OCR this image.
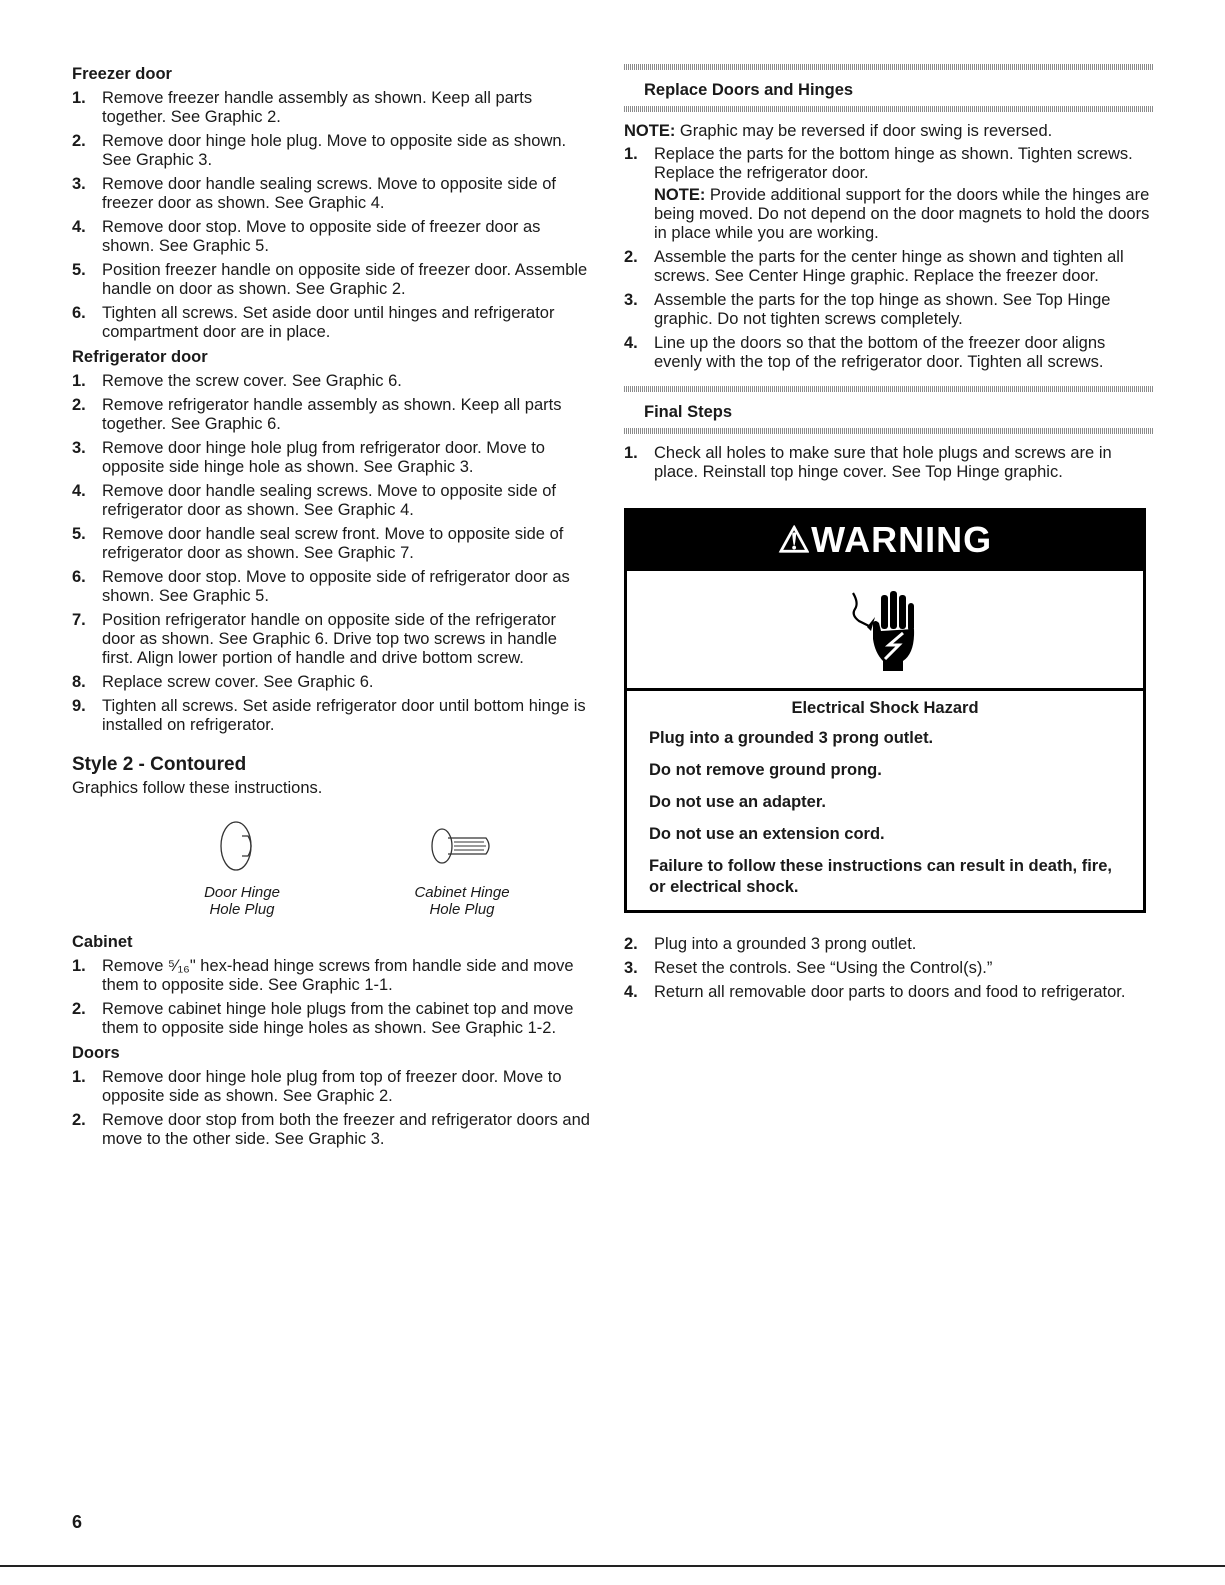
Freezer door
1. Remove freezer handle assembly as shown. Keep all parts together. See Graphic 2.
2. Remove door hinge hole plug. Move to opposite side as shown. See Graphic 3.
3. Remove door handle sealing screws. Move to opposite side of freezer door as shown. See Graphic 4.
4. Remove door stop. Move to opposite side of freezer door as shown. See Graphic 5.
5. Position freezer handle on opposite side of freezer door. Assemble handle on door as shown. See Graphic 2.
6. Tighten all screws. Set aside door until hinges and refrigerator compartment door are in place.
Refrigerator door
1. Remove the screw cover. See Graphic 6.
2. Remove refrigerator handle assembly as shown. Keep all parts together. See Graphic 6.
3. Remove door hinge hole plug from refrigerator door. Move to opposite side hinge hole as shown. See Graphic 3.
4. Remove door handle sealing screws. Move to opposite side of refrigerator door as shown. See Graphic 4.
5. Remove door handle seal screw front. Move to opposite side of refrigerator door as shown. See Graphic 7.
6. Remove door stop. Move to opposite side of refrigerator door as shown. See Graphic 5.
7. Position refrigerator handle on opposite side of the refrigerator door as shown. See Graphic 6. Drive top two screws in handle first. Align lower portion of handle and drive bottom screw.
8. Replace screw cover. See Graphic 6.
9. Tighten all screws. Set aside refrigerator door until bottom hinge is installed on refrigerator.
Style 2 - Contoured
Graphics follow these instructions.
Door Hinge
Hole Plug
Cabinet Hinge
Hole Plug
Cabinet
1. Remove ⁵⁄₁₆" hex-head hinge screws from handle side and move them to opposite side. See Graphic 1-1.
2. Remove cabinet hinge hole plugs from the cabinet top and move them to opposite side hinge holes as shown. See Graphic 1-2.
Doors
1. Remove door hinge hole plug from top of freezer door. Move to opposite side as shown. See Graphic 2.
2. Remove door stop from both the freezer and refrigerator doors and move to the other side. See Graphic 3.
Replace Doors and Hinges
NOTE: Graphic may be reversed if door swing is reversed.
1. Replace the parts for the bottom hinge as shown. Tighten screws. Replace the refrigerator door.
NOTE: Provide additional support for the doors while the hinges are being moved. Do not depend on the door magnets to hold the doors in place while you are working.
2. Assemble the parts for the center hinge as shown and tighten all screws. See Center Hinge graphic. Replace the freezer door.
3. Assemble the parts for the top hinge as shown. See Top Hinge graphic. Do not tighten screws completely.
4. Line up the doors so that the bottom of the freezer door aligns evenly with the top of the refrigerator door. Tighten all screws.
Final Steps
1. Check all holes to make sure that hole plugs and screws are in place. Reinstall top hinge cover. See Top Hinge graphic.
⚠WARNING
Electrical Shock Hazard
Plug into a grounded 3 prong outlet.
Do not remove ground prong.
Do not use an adapter.
Do not use an extension cord.
Failure to follow these instructions can result in death, fire, or electrical shock.
2. Plug into a grounded 3 prong outlet.
3. Reset the controls. See “Using the Control(s).”
4. Return all removable door parts to doors and food to refrigerator.
6
